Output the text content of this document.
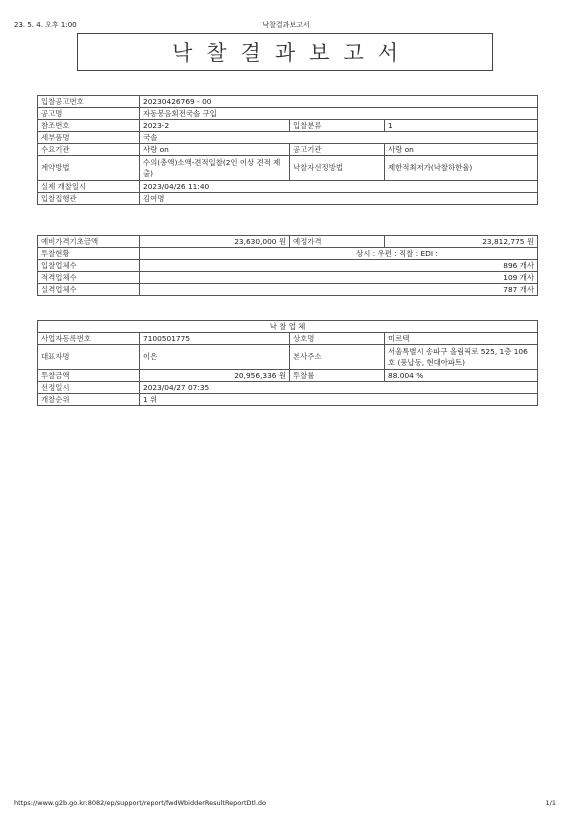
23. 5. 4. 오후 1:00	낙찰결과보고서
낙찰결과보고서
입찰공고번호	20230426769 - 00		
공고명	자동봉음회전국솔 구입		
참조번호	2023-2	입찰분류	1
세부품명	국솔		
수요기관	사랑 on	공고기관	사랑 on
계약방법	수의(총액)소액-견적입찰(2인 이상 견적 제출)	낙찰자선정방법	제한적최저가(낙찰하한율)
실제 개찰일시	2023/04/26 11:40		
입찰집행관	김여명		
예비가격기초금액	23,630,000 원	예정가격	23,812,775 원
투찰현황	상시 : 우편 : 직찰 : EDI :		
입찰업체수	896 개사		
적격업체수	109 개사		
실격업체수	787 개사		
낙 찰 업 체			
사업자등록번호	7100501775	상호명	미르텍
대표자명	이은	본사주소	서울특별시 송파구 올림픽로 525, 1층 106호 (풍납동, 현대아파트)
투찰금액	20,956,336 원	투찰률	88.004 %
선정일시	2023/04/27 07:35		
개찰순위	1 위		
https://www.g2b.go.kr:8082/ep/support/report/fwdWbidderResultReportDtl.do	1/1
